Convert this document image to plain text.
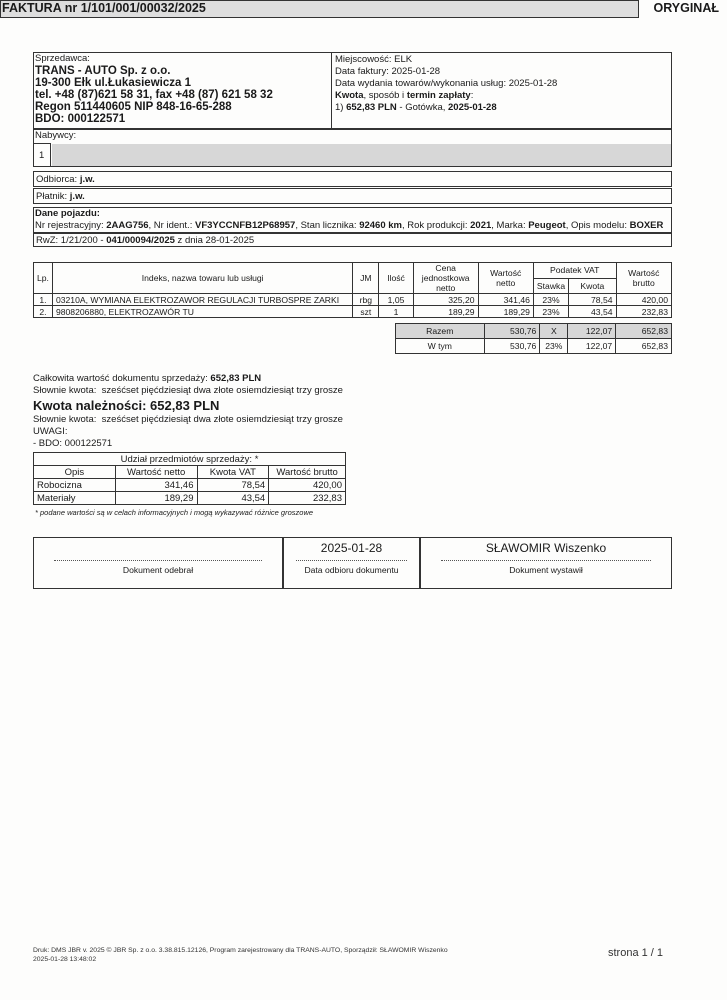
FAKTURA nr 1/101/001/00032/2025	ORYGINAŁ
Sprzedawca:
TRANS - AUTO Sp. z o.o.
19-300 Ełk ul.Łukasiewicza 1
tel. +48 (87)621 58 31, fax +48 (87) 621 58 32
Regon 511440605 NIP 848-16-65-288
BDO: 000122571
Miejscowość: ELK
Data faktury: 2025-01-28
Data wydania towarów/wykonania usług: 2025-01-28
Kwota, sposób i termin zapłaty:
1) 652,83 PLN - Gotówka, 2025-01-28
Nabywcy:
1
Odbiorca: j.w.
Płatnik: j.w.
Dane pojazdu:
Nr rejestracyjny: 2AAG756, Nr ident.: VF3YCCNFB12P68957, Stan licznika: 92460 km, Rok produkcji: 2021, Marka: Peugeot, Opis modelu: BOXER
RwZ: 1/21/200 - 041/00094/2025 z dnia 28-01-2025
Lp.	Indeks, nazwa towaru lub usługi	JM	Ilość	Cena jednostkowa netto	Wartość netto	Podatek VAT		Wartość brutto
						Stawka	Kwota	
1.	03210A, WYMIANA ELEKTROZAWOR REGULACJI TURBOSPRE ZARKI	rbg	1,05	325,20	341,46	23%	78,54	420,00
2.	9808206880, ELEKTROZAWÓR TU	szt	1	189,29	189,29	23%	43,54	232,83
Razem	530,76	X	122,07	652,83
W tym	530,76	23%	122,07	652,83
Całkowita wartość dokumentu sprzedaży: 652,83 PLN
Słownie kwota: sześćset pięćdziesiąt dwa złote osiemdziesiąt trzy grosze
Kwota należności: 652,83 PLN
Słownie kwota: sześćset pięćdziesiąt dwa złote osiemdziesiąt trzy grosze
UWAGI:
- BDO: 000122571
Udział przedmiotów sprzedaży: *			
Opis	Wartość netto	Kwota VAT	Wartość brutto
Robocizna	341,46	78,54	420,00
Materiały	189,29	43,54	232,83
* podane wartości są w celach informacyjnych i mogą wykazywać różnice groszowe
Dokument odebrał
2025-01-28
Data odbioru dokumentu
SŁAWOMIR Wiszenko
Dokument wystawił
Druk: DMS JBR v. 2025 © JBR Sp. z o.o. 3.38.815.12126, Program zarejestrowany dla TRANS-AUTO, Sporządził: SŁAWOMIR Wiszenko
2025-01-28 13:48:02
strona 1 / 1
